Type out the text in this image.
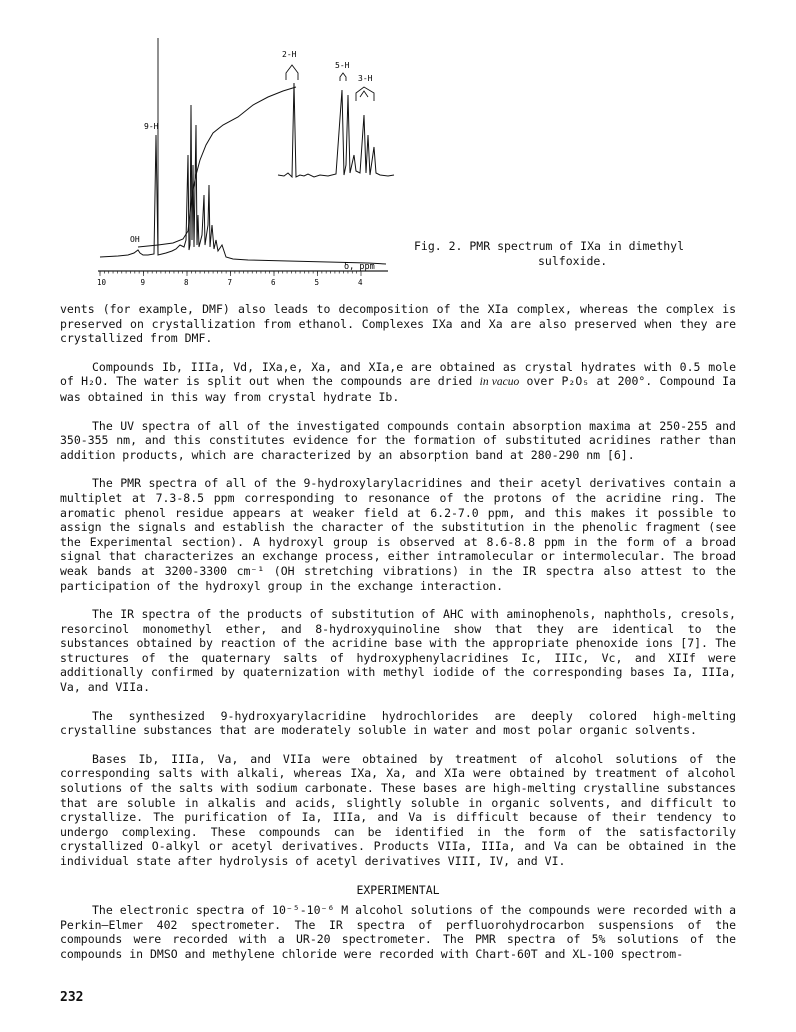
2-H
5-H
3-H
9-H
OH
δ, ppm
10	9	8	7	6	5	4
Fig. 2. PMR spectrum of IXa in dimethyl
sulfoxide.

vents (for example, DMF) also leads to decomposition of the XIa complex, whereas the complex is preserved on crystallization from ethanol. Complexes IXa and Xa are also preserved when they are crystallized from DMF.

Compounds Ib, IIIa, Vd, IXa,e, Xa, and XIa,e are obtained as crystal hydrates with 0.5 mole of H₂O. The water is split out when the compounds are dried in vacuo over P₂O₅ at 200°. Compound Ia was obtained in this way from crystal hydrate Ib.

The UV spectra of all of the investigated compounds contain absorption maxima at 250-255 and 350-355 nm, and this constitutes evidence for the formation of substituted acridines rather than addition products, which are characterized by an absorption band at 280-290 nm [6].

The PMR spectra of all of the 9-hydroxylarylacridines and their acetyl derivatives contain a multiplet at 7.3-8.5 ppm corresponding to resonance of the protons of the acridine ring. The aromatic phenol residue appears at weaker field at 6.2-7.0 ppm, and this makes it possible to assign the signals and establish the character of the substitution in the phenolic fragment (see the Experimental section). A hydroxyl group is observed at 8.6-8.8 ppm in the form of a broad signal that characterizes an exchange process, either intramolecular or intermolecular. The broad weak bands at 3200-3300 cm⁻¹ (OH stretching vibrations) in the IR spectra also attest to the participation of the hydroxyl group in the exchange interaction.

The IR spectra of the products of substitution of AHC with aminophenols, naphthols, cresols, resorcinol monomethyl ether, and 8-hydroxyquinoline show that they are identical to the substances obtained by reaction of the acridine base with the appropriate phenoxide ions [7]. The structures of the quaternary salts of hydroxyphenylacridines Ic, IIIc, Vc, and XIIf were additionally confirmed by quaternization with methyl iodide of the corresponding bases Ia, IIIa, Va, and VIIa.

The synthesized 9-hydroxyarylacridine hydrochlorides are deeply colored high-melting crystalline substances that are moderately soluble in water and most polar organic solvents.

Bases Ib, IIIa, Va, and VIIa were obtained by treatment of alcohol solutions of the corresponding salts with alkali, whereas IXa, Xa, and XIa were obtained by treatment of alcohol solutions of the salts with sodium carbonate. These bases are high-melting crystalline substances that are soluble in alkalis and acids, slightly soluble in organic solvents, and difficult to crystallize. The purification of Ia, IIIa, and Va is difficult because of their tendency to undergo complexing. These compounds can be identified in the form of the satisfactorily crystallized O-alkyl or acetyl derivatives. Products VIIa, IIIa, and Va can be obtained in the individual state after hydrolysis of acetyl derivatives VIII, IV, and VI.

EXPERIMENTAL

The electronic spectra of 10⁻⁵-10⁻⁶ M alcohol solutions of the compounds were recorded with a Perkin–Elmer 402 spectrometer. The IR spectra of perfluorohydrocarbon suspensions of the compounds were recorded with a UR-20 spectrometer. The PMR spectra of 5% solutions of the compounds in DMSO and methylene chloride were recorded with Chart-60T and XL-100 spectrom-

232
